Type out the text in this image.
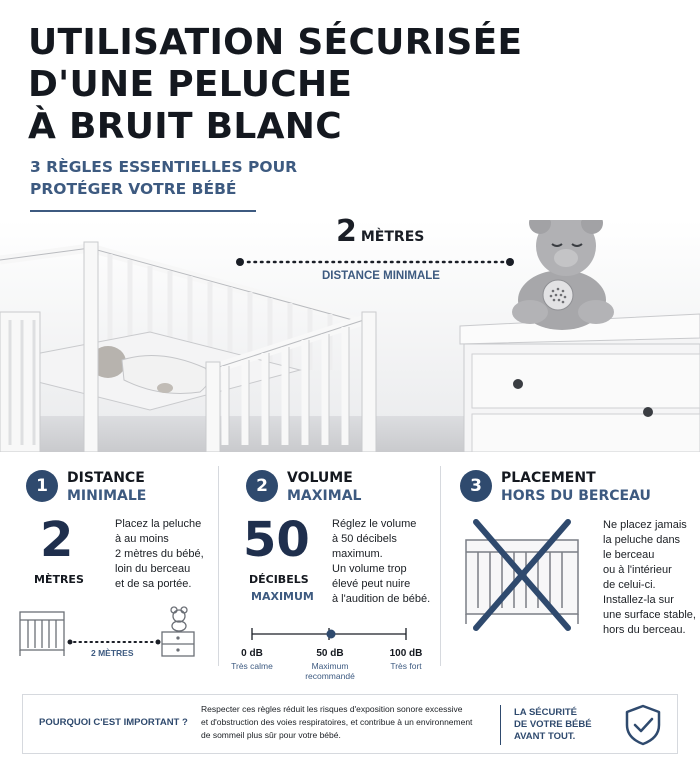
UTILISATION SÉCURISÉE
D'UNE PELUCHE
À BRUIT BLANC
3 RÈGLES ESSENTIELLES POUR
PROTÉGER VOTRE BÉBÉ
2 MÈTRES
DISTANCE MINIMALE
1	DISTANCE
MINIMALE
2
MÈTRES
Placez la peluche
à au moins
2 mètres du bébé,
loin du berceau
et de sa portée.
2 MÈTRES
2	VOLUME
MAXIMAL
50
DÉCIBELS
MAXIMUM
Réglez le volume
à 50 décibels
maximum.
Un volume trop
élevé peut nuire
à l'audition de bébé.
0 dB
Très calme
50 dB
Maximum
recommandé
100 dB
Très fort
3	PLACEMENT
HORS DU BERCEAU
Ne placez jamais
la peluche dans
le berceau
ou à l'intérieur
de celui-ci.
Installez-la sur
une surface stable,
hors du berceau.
POURQUOI C'EST IMPORTANT ?
Respecter ces règles réduit les risques d'exposition sonore excessive
et d'obstruction des voies respiratoires, et contribue à un environnement
de sommeil plus sûr pour votre bébé.
LA SÉCURITÉ
DE VOTRE BÉBÉ
AVANT TOUT.
